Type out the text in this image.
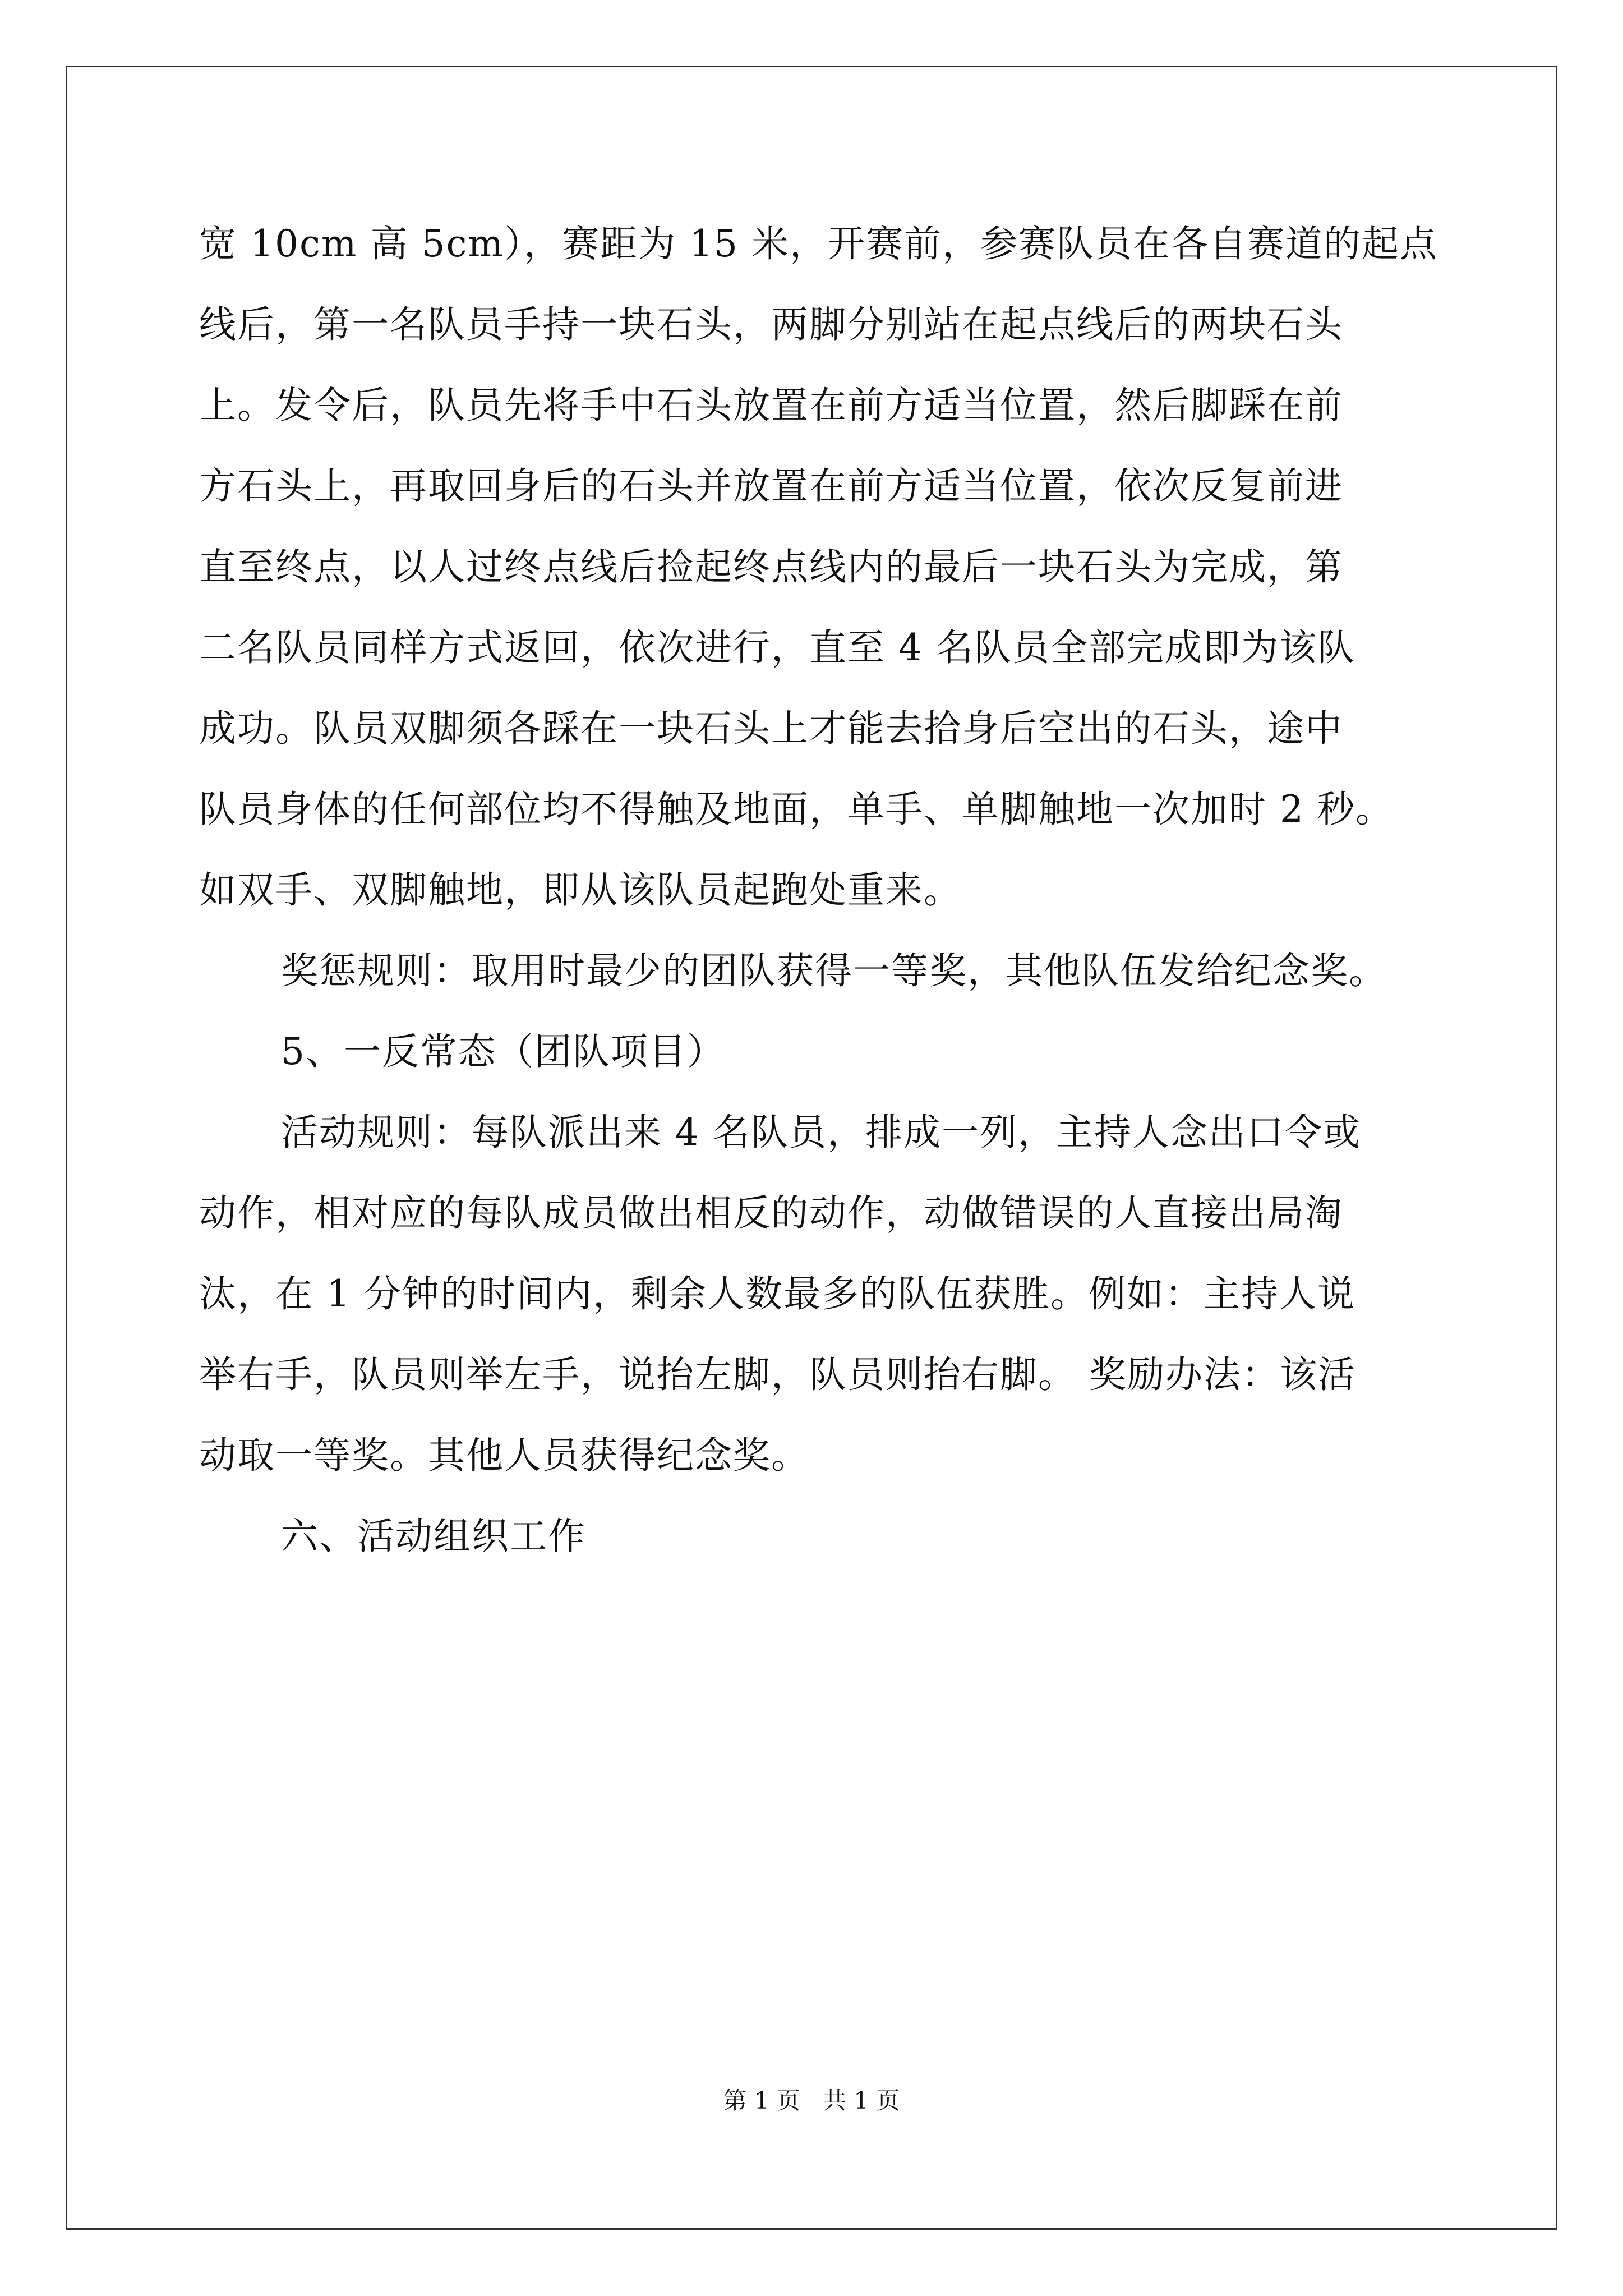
宽 10cm 高 5cm），赛距为 15 米，开赛前，参赛队员在各自赛道的起点
线后，第一名队员手持一块石头，两脚分别站在起点线后的两块石头
上。发令后，队员先将手中石头放置在前方适当位置，然后脚踩在前
方石头上，再取回身后的石头并放置在前方适当位置，依次反复前进
直至终点，以人过终点线后捡起终点线内的最后一块石头为完成，第
二名队员同样方式返回，依次进行，直至 4 名队员全部完成即为该队
成功。队员双脚须各踩在一块石头上才能去拾身后空出的石头，途中
队员身体的任何部位均不得触及地面，单手、单脚触地一次加时 2 秒。
如双手、双脚触地，即从该队员起跑处重来。
奖惩规则：取用时最少的团队获得一等奖，其他队伍发给纪念奖。
5、一反常态（团队项目）
活动规则：每队派出来 4 名队员，排成一列，主持人念出口令或
动作，相对应的每队成员做出相反的动作，动做错误的人直接出局淘
汰，在 1 分钟的时间内，剩余人数最多的队伍获胜。例如：主持人说
举右手，队员则举左手，说抬左脚，队员则抬右脚。 奖励办法：该活
动取一等奖。其他人员获得纪念奖。
六、活动组织工作
第 1 页   共 1 页
